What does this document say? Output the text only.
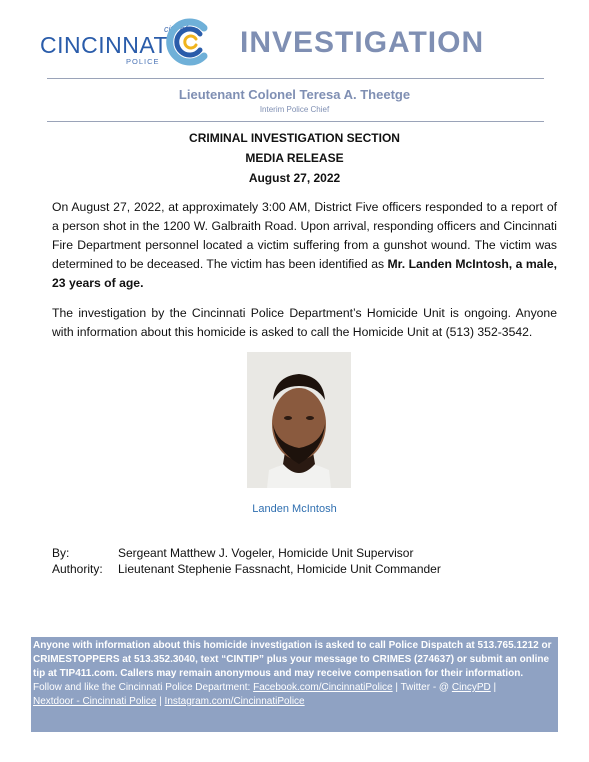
city of
CINCINNATI
POLICE
INVESTIGATION
Lieutenant Colonel Teresa A. Theetge
Interim Police Chief
CRIMINAL INVESTIGATION SECTION
MEDIA RELEASE
August 27, 2022
On August 27, 2022, at approximately 3:00 AM, District Five officers responded to a report of a person shot in the 1200 W. Galbraith Road. Upon arrival, responding officers and Cincinnati Fire Department personnel located a victim suffering from a gunshot wound. The victim was determined to be deceased. The victim has been identified as Mr. Landen McIntosh, a male, 23 years of age.
The investigation by the Cincinnati Police Department’s Homicide Unit is ongoing. Anyone with information about this homicide is asked to call the Homicide Unit at (513) 352-3542.
Landen McIntosh
By:	Sergeant Matthew J. Vogeler, Homicide Unit Supervisor
Authority: Lieutenant Stephenie Fassnacht, Homicide Unit Commander
Anyone with information about this homicide investigation is asked to call Police Dispatch at 513.765.1212 or CRIMESTOPPERS at 513.352.3040, text “CINTIP” plus your message to CRIMES (274637) or submit an online tip at TIP411.com. Callers may remain anonymous and may receive compensation for their information.
Follow and like the Cincinnati Police Department: Facebook.com/CincinnatiPolice | Twitter - @ CincyPD |
Nextdoor - Cincinnati Police | Instagram.com/CincinnatiPolice
